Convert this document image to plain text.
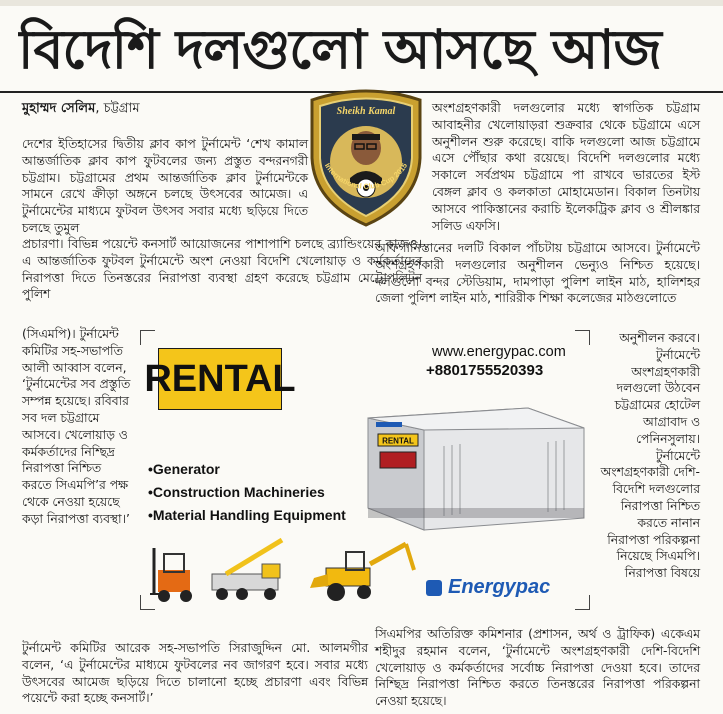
বিদেশি দলগুলো আসছে আজ
মুহাম্মদ সেলিম, চট্টগ্রাম	Sheikh Kamal
International Club Cup 2015

দেশের ইতিহাসের দ্বিতীয় ক্লাব কাপ টুর্নামেন্ট ‘শেখ কামাল আন্তর্জাতিক ক্লাব কাপ ফুটবলের জন্য প্রস্তুত বন্দরনগরী চট্টগ্রাম। চট্টগ্রামের প্রথম আন্তর্জাতিক ক্লাব টুর্নামেন্টকে সামনে রেখে ক্রীড়া অঙ্গনে চলছে উৎসবের আমেজ। এ টুর্নামেন্টের মাধ্যমে ফুটবল উৎসব সবার মধ্যে ছড়িয়ে দিতে চলছে তুমুল

প্রচারণা। বিভিন্ন পয়েন্টে কনসার্ট আয়োজনের পাশাপাশি চলছে ব্র্যান্ডিংয়ের কাজও। এ আন্তর্জাতিক ফুটবল টুর্নামেন্টে অংশ নেওয়া বিদেশি খেলোয়াড় ও কর্মকর্তাদের নিরাপত্তা দিতে তিনস্তরের নিরাপত্তা ব্যবস্থা গ্রহণ করেছে চট্টগ্রাম মেট্রোপলিটন পুলিশ

অংশগ্রহণকারী দলগুলোর মধ্যে স্বাগতিক চট্টগ্রাম আবাহনীর খেলোয়াড়রা শুক্রবার থেকে চট্টগ্রামে এসে অনুশীলন শুরু করেছে। বাকি দলগুলো আজ চট্টগ্রামে এসে পৌঁছার কথা রয়েছে। বিদেশি দলগুলোর মধ্যে সকালে সর্বপ্রথম চট্টগ্রামে পা রাখবে ভারতের ইস্ট বেঙ্গল ক্লাব ও কলকাতা মোহামেডান। বিকাল তিনটায় আসবে পাকিস্তানের করাচি ইলেকট্রিক ক্লাব ও শ্রীলঙ্কার সলিড এফসি।

আফগানিস্তানের দলটি বিকাল পাঁচটায় চট্টগ্রামে আসবে। টুর্নামেন্টে অংশগ্রহণকারী দলগুলোর অনুশীলন ভেন্যুও নিশ্চিত হয়েছে। দলগুলো বন্দর স্টেডিয়াম, দামপাড়া পুলিশ লাইন মাঠ, হালিশহর জেলা পুলিশ লাইন মাঠ, শারিরীক শিক্ষা কলেজের মাঠগুলোতে

(সিএমপি)। টুর্নামেন্ট কমিটির সহ-সভাপতি আলী আব্বাস বলেন, ‘টুর্নামেন্টের সব প্রস্তুতি সম্পন্ন হয়েছে। রবিবার সব দল চট্টগ্রামে আসবে। খেলোয়াড় ও কর্মকর্তাদের নিশ্ছিদ্র নিরাপত্তা নিশ্চিত করতে সিএমপি’র পক্ষ থেকে নেওয়া হয়েছে কড়া নিরাপত্তা ব্যবস্থা।’

অনুশীলন করবে। টুর্নামেন্টে অংশগ্রহণকারী দলগুলো উঠবেন চট্টগ্রামের হোটেল আগ্রাবাদ ও পেনিনসুলায়। টুর্নামেন্টে অংশগ্রহণকারী দেশি-বিদেশি দলগুলোর নিরাপত্তা নিশ্চিত করতে নানান নিরাপত্তা পরিকল্পনা নিয়েছে সিএমপি। নিরাপত্তা বিষয়ে

টুর্নামেন্ট কমিটির আরেক সহ-সভাপতি সিরাজুদ্দিন মো. আলমগীর বলেন, ‘এ টুর্নামেন্টের মাধ্যমে ফুটবলের নব জাগরণ হবে। সবার মধ্যে উৎসবের আমেজ ছড়িয়ে দিতে চালানো হচ্ছে প্রচারণা এবং বিভিন্ন পয়েন্টে করা হচ্ছে কনসার্ট।’

সিএমপির অতিরিক্ত কমিশনার (প্রশাসন, অর্থ ও ট্রাফিক) একেএম শহীদুর রহমান বলেন, ‘টুর্নামেন্টে অংশগ্রহণকারী দেশি-বিদেশি খেলোয়াড় ও কর্মকর্তাদের সর্বোচ্চ নিরাপত্তা দেওয়া হবে। তাদের নিশ্ছিদ্র নিরাপত্তা নিশ্চিত করতে তিনস্তরের নিরাপত্তা পরিকল্পনা নেওয়া হয়েছে।

RENTAL
www.energypac.com
+8801755520393
RENTAL
• Generator
• Construction Machineries
• Material Handling Equipment
Energypac
